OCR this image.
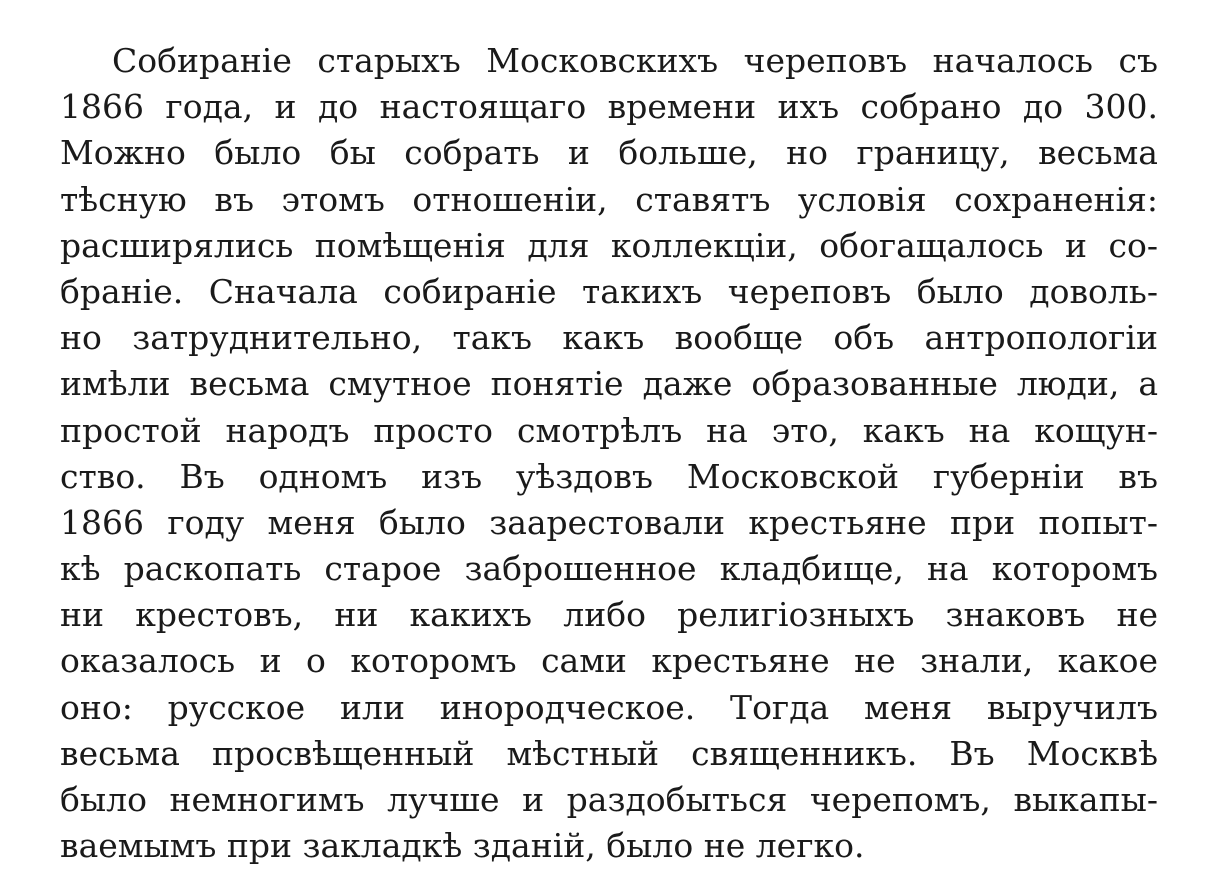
Собираніе старыхъ Московскихъ череповъ началось съ
1866 года, и до настоящаго времени ихъ собрано до 300.
Можно было бы собрать и больше, но границу, весьма
тѣсную въ этомъ отношеніи, ставятъ условія сохраненія:
расширялись помѣщенія для коллекціи, обогащалось и со-
браніе. Сначала собираніе такихъ череповъ было доволь-
но затруднительно, такъ какъ вообще объ антропологіи
имѣли весьма смутное понятіе даже образованные люди, а
простой народъ просто смотрѣлъ на это, какъ на кощун-
ство. Въ одномъ изъ уѣздовъ Московской губерніи въ
1866 году меня было заарестовали крестьяне при попыт-
кѣ раскопать старое заброшенное кладбище, на которомъ
ни крестовъ, ни какихъ либо религіозныхъ знаковъ не
оказалось и о которомъ сами крестьяне не знали, какое
оно: русское или инородческое. Тогда меня выручилъ
весьма просвѣщенный мѣстный священникъ. Въ Москвѣ
было немногимъ лучше и раздобыться черепомъ, выкапы-
ваемымъ при закладкѣ зданій, было не легко.
